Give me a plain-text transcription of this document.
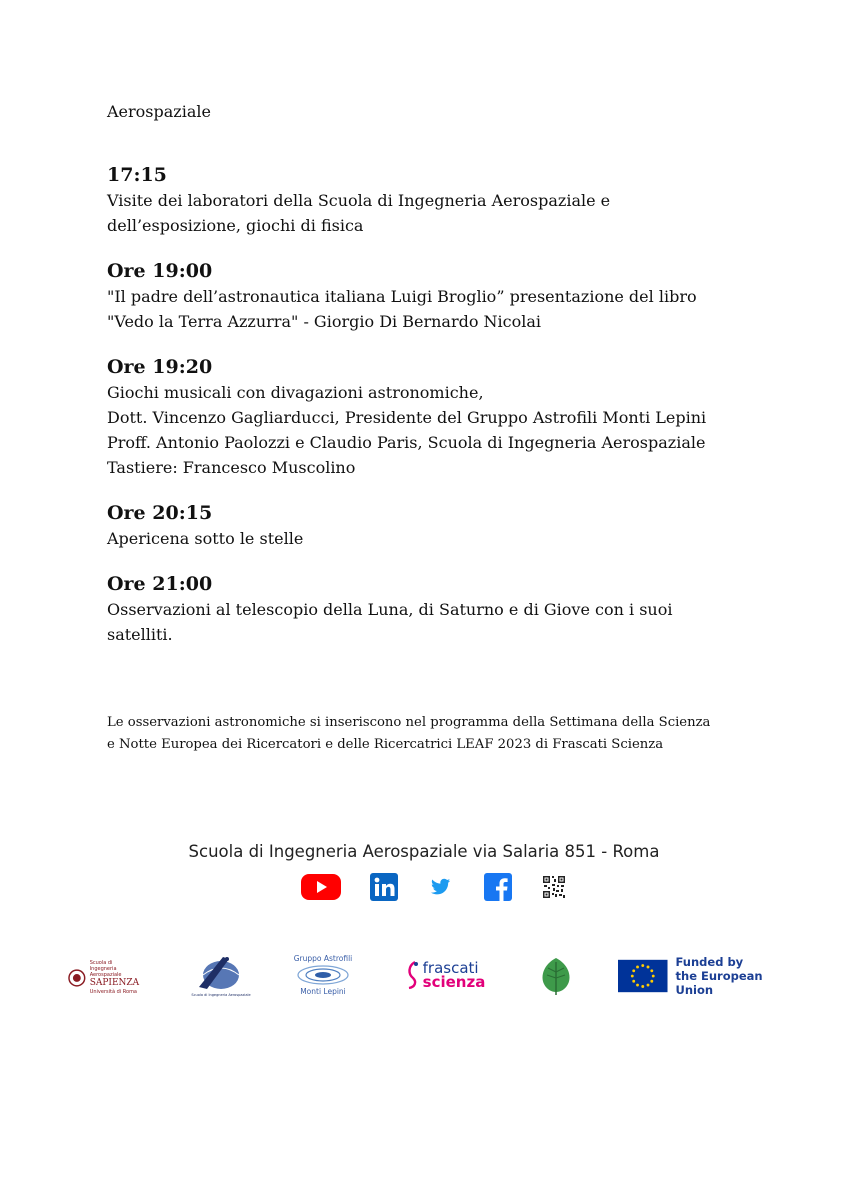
Aerospaziale

17:15

Visite dei laboratori della Scuola di Ingegneria Aerospaziale e

dell’esposizione, giochi di fisica

Ore 19:00

"Il padre dell’astronautica italiana Luigi Broglio” presentazione del libro

"Vedo la Terra Azzurra" - Giorgio Di Bernardo Nicolai

Ore 19:20

Giochi musicali con divagazioni astronomiche,

Dott. Vincenzo Gagliarducci, Presidente del Gruppo Astrofili Monti Lepini

Proff. Antonio Paolozzi e Claudio Paris, Scuola di Ingegneria Aerospaziale

Tastiere: Francesco Muscolino

Ore 20:15

Apericena sotto le stelle

Ore 21:00

Osservazioni al telescopio della Luna, di Saturno e di Giove con i suoi

satelliti.

Le osservazioni astronomiche si inseriscono nel programma della Settimana della Scienza
e Notte Europea dei Ricercatori e delle Ricercatrici LEAF 2023 di Frascati Scienza

Scuola di Ingegneria Aerospaziale via Salaria 851 - Roma

Scuola di Ingegneria
Aerospaziale
SAPIENZA
Università di Roma
Scuola di Ingegneria Aerospaziale
Gruppo Astrofili
Monti Lepini
frascati
scienza
Funded by
the European Union
